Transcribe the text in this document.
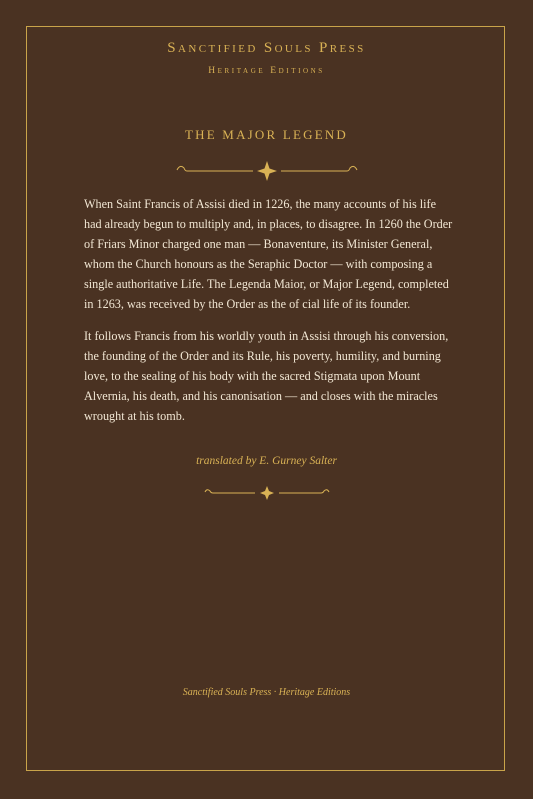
Sanctified Souls Press
Heritage Editions
THE MAJOR LEGEND

When Saint Francis of Assisi died in 1226, the many accounts of his life had already begun to multiply and, in places, to disagree. In 1260 the Order of Friars Minor charged one man — Bonaventure, its Minister General, whom the Church honours as the Seraphic Doctor — with composing a single authoritative Life. The Legenda Maior, or Major Legend, completed in 1263, was received by the Order as the of cial life of its founder.

It follows Francis from his worldly youth in Assisi through his conversion, the founding of the Order and its Rule, his poverty, humility, and burning love, to the sealing of his body with the sacred Stigmata upon Mount Alvernia, his death, and his canonisation — and closes with the miracles wrought at his tomb.

translated by E. Gurney Salter
Sanctified Souls Press · Heritage Editions
